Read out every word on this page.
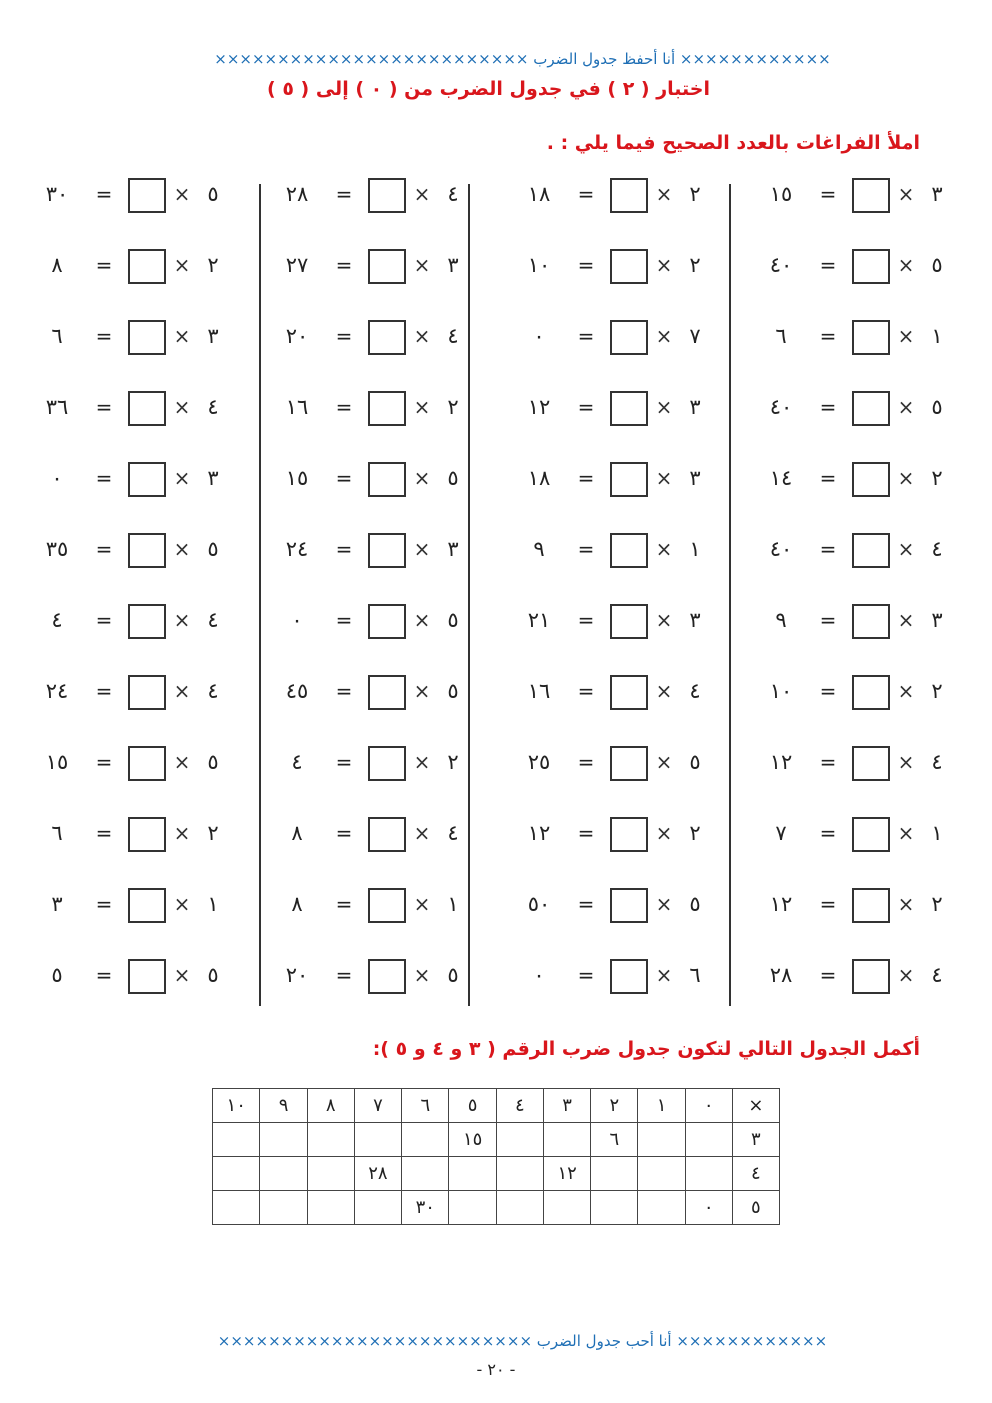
×××××××××××× أنا أحفظ جدول الضرب ×××××××××××××××××××××××××
اختبار ( ٢ ) في جدول الضرب من ( ٠ ) إلى ( ٥ )
املأ الفراغات بالعدد الصحيح فيما يلي : .
٣
×
=
١٥
٥
×
=
٤٠
١
×
=
٦
٥
×
=
٤٠
٢
×
=
١٤
٤
×
=
٤٠
٣
×
=
٩
٢
×
=
١٠
٤
×
=
١٢
١
×
=
٧
٢
×
=
١٢
٤
×
=
٢٨
٢
×
=
١٨
٢
×
=
١٠
٧
×
=
٠
٣
×
=
١٢
٣
×
=
١٨
١
×
=
٩
٣
×
=
٢١
٤
×
=
١٦
٥
×
=
٢٥
٢
×
=
١٢
٥
×
=
٥٠
٦
×
=
٠
٤
×
=
٢٨
٣
×
=
٢٧
٤
×
=
٢٠
٢
×
=
١٦
٥
×
=
١٥
٣
×
=
٢٤
٥
×
=
٠
٥
×
=
٤٥
٢
×
=
٤
٤
×
=
٨
١
×
=
٨
٥
×
=
٢٠
٥
×
=
٣٠
٢
×
=
٨
٣
×
=
٦
٤
×
=
٣٦
٣
×
=
٠
٥
×
=
٣٥
٤
×
=
٤
٤
×
=
٢٤
٥
×
=
١٥
٢
×
=
٦
١
×
=
٣
٥
×
=
٥
أكمل الجدول التالي لتكون جدول ضرب الرقم ( ٣ و ٤ و ٥ ):
×	٠	١	٢	٣	٤	٥	٦	٧	٨	٩	١٠
٣			٦			١٥					
٤				١٢				٢٨			
٥	٠						٣٠				
×××××××××××× أنا أحب جدول الضرب ×××××××××××××××××××××××××
- ٢٠ -
